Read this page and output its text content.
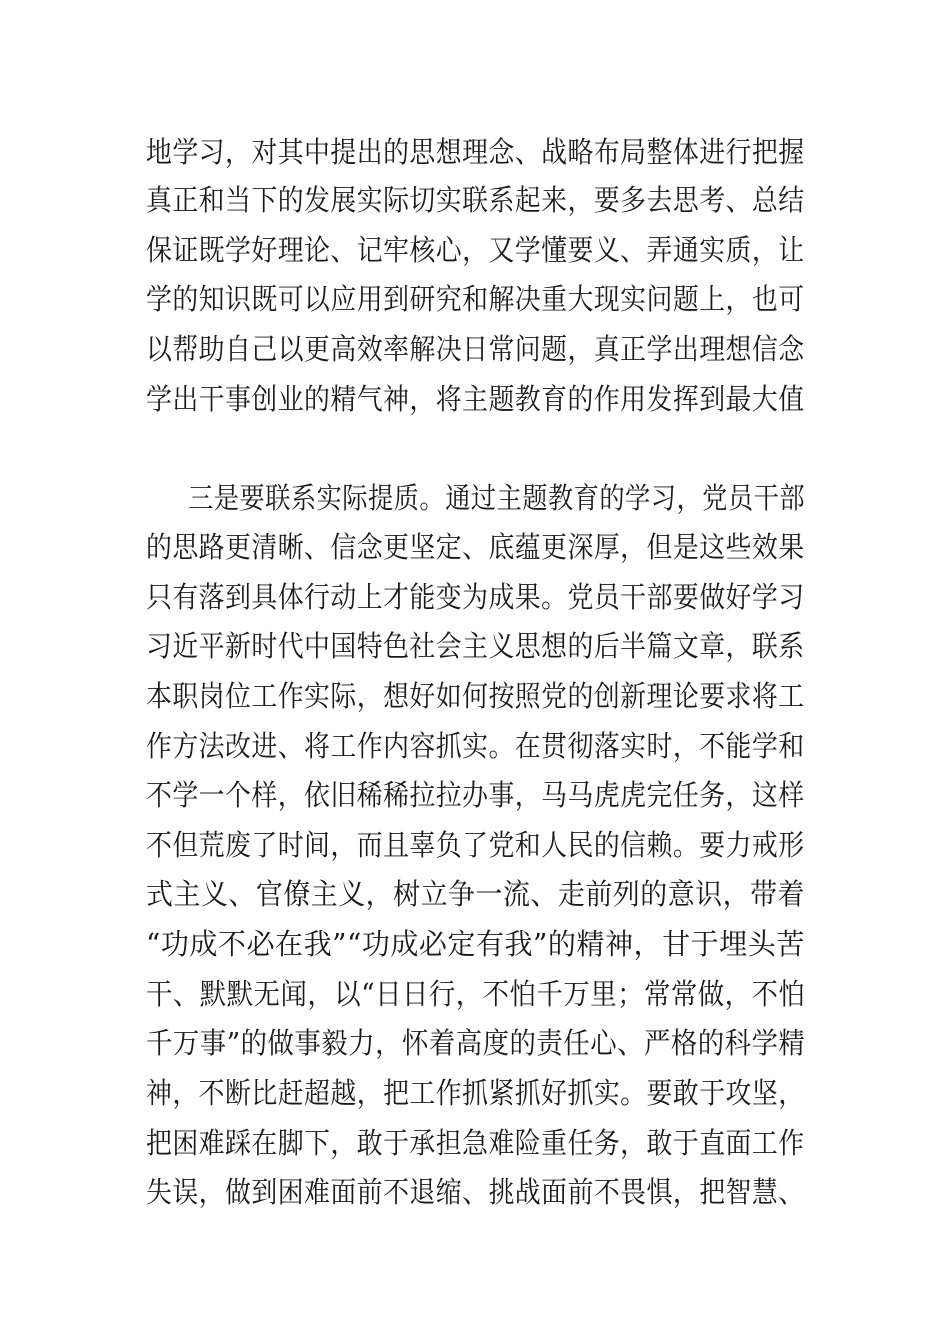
地学习，对其中提出的思想理念、战略布局整体进行把握
真正和当下的发展实际切实联系起来，要多去思考、总结
保证既学好理论、记牢核心，又学懂要义、弄通实质，让
学的知识既可以应用到研究和解决重大现实问题上，也可
以帮助自己以更高效率解决日常问题，真正学出理想信念
学出干事创业的精气神，将主题教育的作用发挥到最大值
三是要联系实际提质。通过主题教育的学习，党员干部
的思路更清晰、信念更坚定、底蕴更深厚，但是这些效果
只有落到具体行动上才能变为成果。党员干部要做好学习
习近平新时代中国特色社会主义思想的后半篇文章，联系
本职岗位工作实际，想好如何按照党的创新理论要求将工
作方法改进、将工作内容抓实。在贯彻落实时，不能学和
不学一个样，依旧稀稀拉拉办事，马马虎虎完任务，这样
不但荒废了时间，而且辜负了党和人民的信赖。要力戒形
式主义、官僚主义，树立争一流、走前列的意识，带着
“功成不必在我”“功成必定有我”的精神，甘于埋头苦
干、默默无闻，以“日日行，不怕千万里；常常做，不怕
千万事”的做事毅力，怀着高度的责任心、严格的科学精
神，不断比赶超越，把工作抓紧抓好抓实。要敢于攻坚，
把困难踩在脚下，敢于承担急难险重任务，敢于直面工作
失误，做到困难面前不退缩、挑战面前不畏惧，把智慧、
